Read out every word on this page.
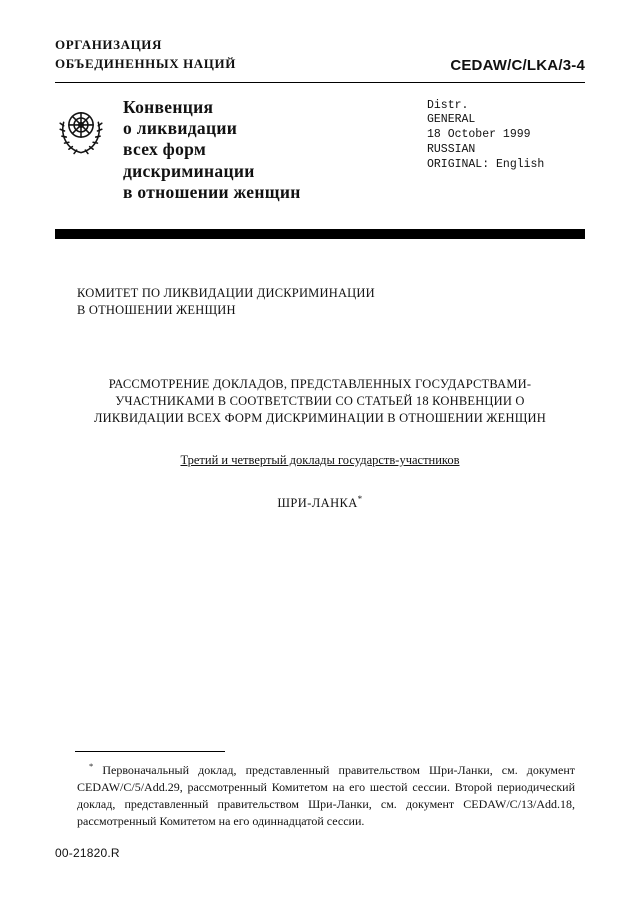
ОРГАНИЗАЦИЯ
ОБЪЕДИНЕННЫХ НАЦИЙ	CEDAW/C/LKA/3-4
Конвенция
о ликвидации
всех форм
дискриминации
в отношении женщин
Distr.
GENERAL
18 October 1999
RUSSIAN
ORIGINAL: English
КОМИТЕТ ПО ЛИКВИДАЦИИ ДИСКРИМИНАЦИИ
В ОТНОШЕНИИ ЖЕНЩИН
РАССМОТРЕНИЕ ДОКЛАДОВ, ПРЕДСТАВЛЕННЫХ ГОСУДАРСТВАМИ-УЧАСТНИКАМИ В СООТВЕТСТВИИ СО СТАТЬЕЙ 18 КОНВЕНЦИИ О ЛИКВИДАЦИИ ВСЕХ ФОРМ ДИСКРИМИНАЦИИ В ОТНОШЕНИИ ЖЕНЩИН
Третий и четвертый доклады государств-участников
ШРИ-ЛАНКА*

* Первоначальный доклад, представленный правительством Шри-Ланки, см. документ CEDAW/C/5/Add.29, рассмотренный Комитетом на его шестой сессии. Второй периодический доклад, представленный правительством Шри-Ланки, см. документ CEDAW/C/13/Add.18, рассмотренный Комитетом на его одиннадцатой сессии.

00-21820.R
